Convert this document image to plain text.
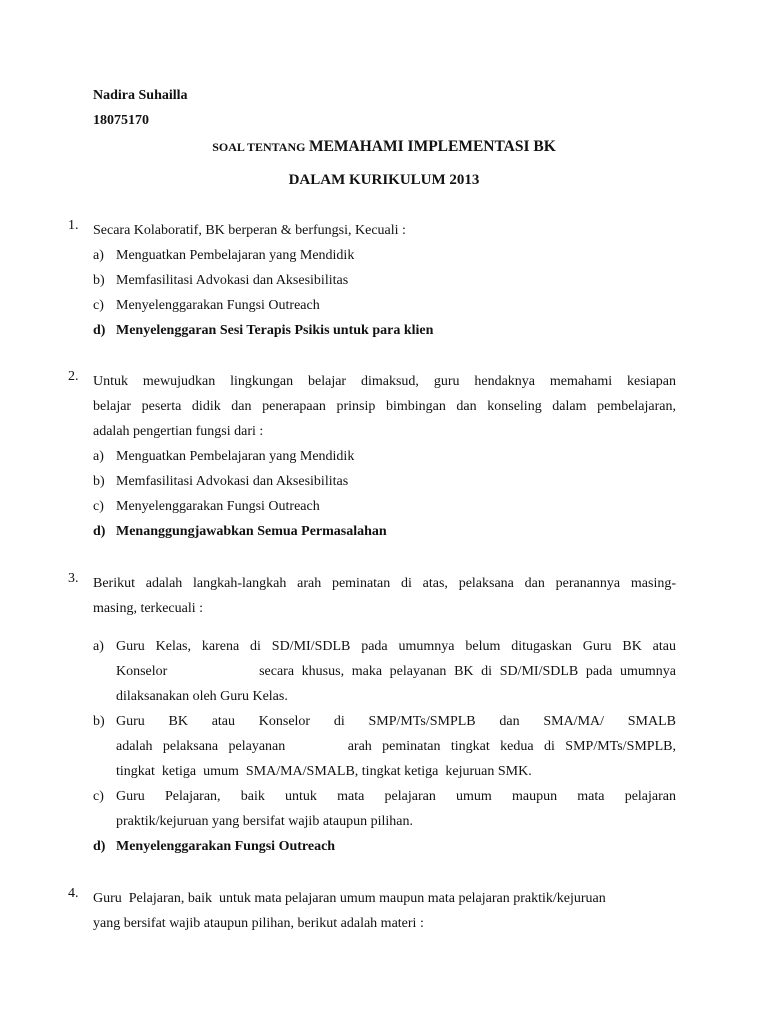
Nadira Suhailla
18075170
SOAL TENTANG MEMAHAMI IMPLEMENTASI BK
DALAM KURIKULUM 2013
1. Secara Kolaboratif, BK berperan & berfungsi, Kecuali :
a) Menguatkan Pembelajaran yang Mendidik
b) Memfasilitasi Advokasi dan Aksesibilitas
c) Menyelenggarakan Fungsi Outreach
d) Menyelenggaran Sesi Terapis Psikis untuk para klien
2. Untuk mewujudkan lingkungan belajar dimaksud, guru hendaknya memahami kesiapan
belajar peserta didik dan penerapaan prinsip bimbingan dan konseling dalam pembelajaran,
adalah pengertian fungsi dari :
a) Menguatkan Pembelajaran yang Mendidik
b) Memfasilitasi Advokasi dan Aksesibilitas
c) Menyelenggarakan Fungsi Outreach
d) Menanggungjawabkan Semua Permasalahan
3. Berikut adalah langkah-langkah arah peminatan di atas, pelaksana dan peranannya masing-
masing, terkecuali :
a) Guru Kelas, karena di SD/MI/SDLB pada umumnya belum ditugaskan Guru BK atau
Konselor            secara khusus, maka pelayanan BK di SD/MI/SDLB pada umumnya
dilaksanakan oleh Guru Kelas.
b) Guru BK atau Konselor di SMP/MTs/SMPLB dan SMA/MA/ SMALB
adalah pelaksana pelayanan      arah peminatan tingkat kedua di SMP/MTs/SMPLB,
tingkat  ketiga  umum  SMA/MA/SMALB, tingkat ketiga  kejuruan SMK.
c) Guru Pelajaran, baik untuk mata pelajaran umum maupun mata pelajaran
praktik/kejuruan yang bersifat wajib ataupun pilihan.
d) Menyelenggarakan Fungsi Outreach
4. Guru  Pelajaran, baik  untuk mata pelajaran umum maupun mata pelajaran praktik/kejuruan
yang bersifat wajib ataupun pilihan, berikut adalah materi :
